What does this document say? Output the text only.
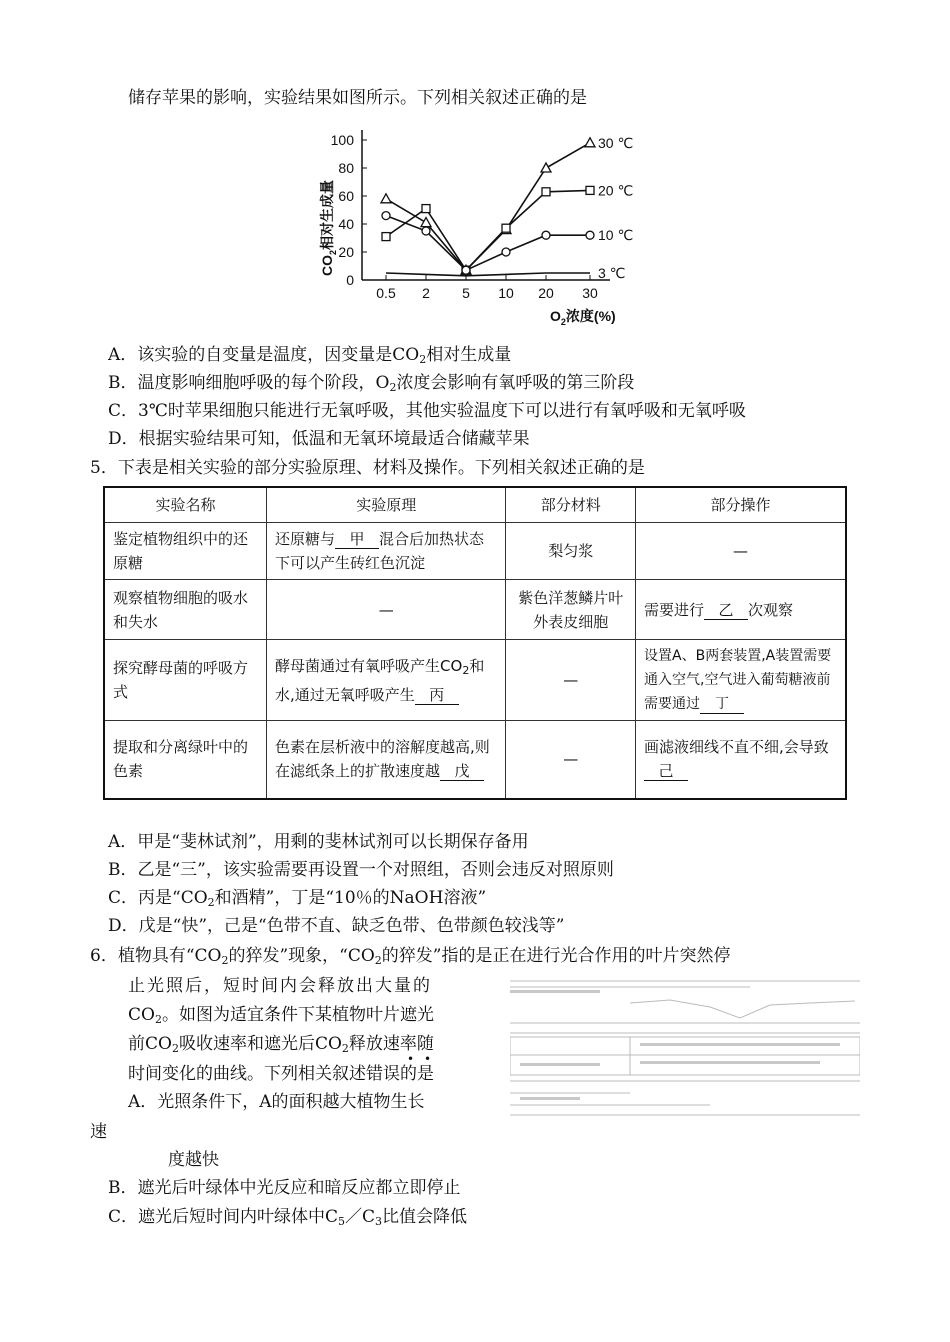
储存苹果的影响，实验结果如图所示。下列相关叙述正确的是
0
20
40
60
80
100
0.5 2 5 10 20 30
$CO_2$相对生成量
$O_2$浓度(%)
30 ℃
20 ℃
10 ℃
3 ℃
A．该实验的自变量是温度，因变量是$CO_2$相对生成量
B．温度影响细胞呼吸的每个阶段，$O_2$浓度会影响有氧呼吸的第三阶段
C．3℃时苹果细胞只能进行无氧呼吸，其他实验温度下可以进行有氧呼吸和无氧呼吸
D．根据实验结果可知，低温和无氧环境最适合储藏苹果
5．下表是相关实验的部分实验原理、材料及操作。下列相关叙述正确的是
实验名称	实验原理	部分材料	部分操作
鉴定植物组织中的还原糖	还原糖与 甲 混合后加热状态下可以产生砖红色沉淀	梨匀浆	—
观察植物细胞的吸水和失水	—	紫色洋葱鳞片叶外表皮细胞	需要进行 乙 次观察
探究酵母菌的呼吸方式	酵母菌通过有氧呼吸产生$CO_2$和水,通过无氧呼吸产生 丙	—	设置A、B两套装置,A装置需要通入空气,空气进入葡萄糖液前需要通过 丁
提取和分离绿叶中的色素	色素在层析液中的溶解度越高,则在滤纸条上的扩散速度越 戊	—	画滤液细线不直不细,会导致己
A．甲是“斐林试剂”，用剩的斐林试剂可以长期保存备用
B．乙是“三”，该实验需要再设置一个对照组，否则会违反对照原则
C．丙是“$CO_2$和酒精”，丁是“10％的NaOH溶液”
D．戊是“快”，己是“色带不直、缺乏色带、色带颜色较浅等”
6．植物具有“$CO_2$的猝发”现象，“$CO_2$的猝发”指的是正在进行光合作用的叶片突然停
止光照后，短时间内会释放出大量的
$CO_2$。如图为适宜条件下某植物叶片遮光
前$CO_2$吸收速率和遮光后$CO_2$释放速率随
• •
时间变化的曲线。下列相关叙述错误的是
A．光照条件下，A的面积越大植物生长
速
度越快
B．遮光后叶绿体中光反应和暗反应都立即停止
C．遮光后短时间内叶绿体中$C_5/C_3$比值会降低
